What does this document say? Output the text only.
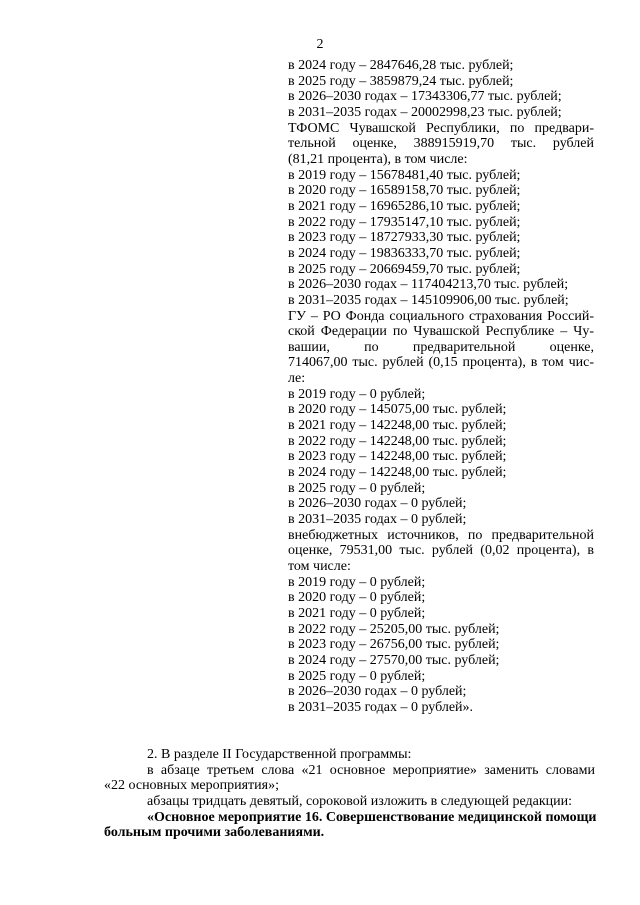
2
в 2024 году – 2847646,28 тыс. рублей;
в 2025 году – 3859879,24 тыс. рублей;
в 2026–2030 годах – 17343306,77 тыс. рублей;
в 2031–2035 годах – 20002998,23 тыс. рублей;
ТФОМС Чувашской Республики, по предвари-
тельной оценке, 388915919,70 тыс. рублей
(81,21 процента), в том числе:
в 2019 году – 15678481,40 тыс. рублей;
в 2020 году – 16589158,70 тыс. рублей;
в 2021 году – 16965286,10 тыс. рублей;
в 2022 году – 17935147,10 тыс. рублей;
в 2023 году – 18727933,30 тыс. рублей;
в 2024 году – 19836333,70 тыс. рублей;
в 2025 году – 20669459,70 тыс. рублей;
в 2026–2030 годах – 117404213,70 тыс. рублей;
в 2031–2035 годах – 145109906,00 тыс. рублей;
ГУ – РО Фонда социального страхования Россий-
ской Федерации по Чувашской Республике – Чу-
вашии, по предварительной оценке,
714067,00 тыс. рублей (0,15 процента), в том чис-
ле:
в 2019 году – 0 рублей;
в 2020 году – 145075,00 тыс. рублей;
в 2021 году – 142248,00 тыс. рублей;
в 2022 году – 142248,00 тыс. рублей;
в 2023 году – 142248,00 тыс. рублей;
в 2024 году – 142248,00 тыс. рублей;
в 2025 году – 0 рублей;
в 2026–2030 годах – 0 рублей;
в 2031–2035 годах – 0 рублей;
внебюджетных источников, по предварительной
оценке, 79531,00 тыс. рублей (0,02 процента), в
том числе:
в 2019 году – 0 рублей;
в 2020 году – 0 рублей;
в 2021 году – 0 рублей;
в 2022 году – 25205,00 тыс. рублей;
в 2023 году – 26756,00 тыс. рублей;
в 2024 году – 27570,00 тыс. рублей;
в 2025 году – 0 рублей;
в 2026–2030 годах – 0 рублей;
в 2031–2035 годах – 0 рублей».
2. В разделе II Государственной программы:
в абзаце третьем слова «21 основное мероприятие» заменить словами
«22 основных мероприятия»;
абзацы тридцать девятый, сороковой изложить в следующей редакции:
«Основное мероприятие 16. Совершенствование медицинской помощи
больным прочими заболеваниями.
